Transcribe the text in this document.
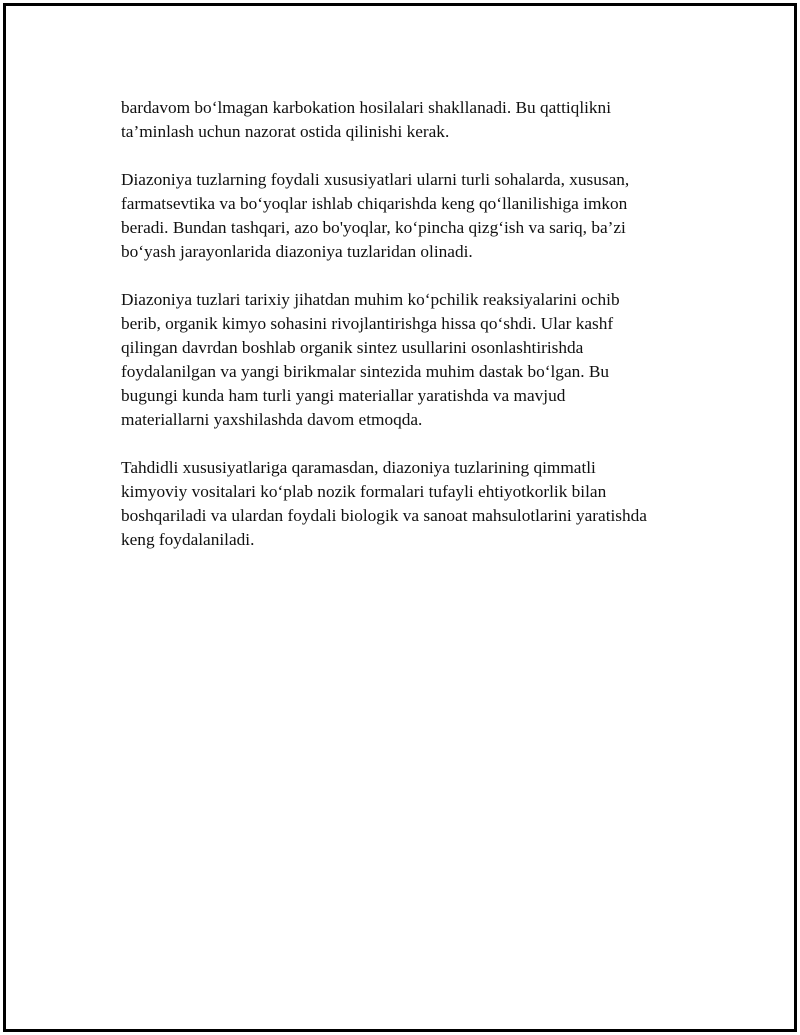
bardavom bo‘lmagan karbokation hosilalari shakllanadi. Bu qattiqlikni
ta’minlash uchun nazorat ostida qilinishi kerak.

Diazoniya tuzlarning foydali xususiyatlari ularni turli sohalarda, xususan,
farmatsevtika va bo‘yoqlar ishlab chiqarishda keng qo‘llanilishiga imkon
beradi. Bundan tashqari, azo bo'yoqlar, ko‘pincha qizg‘ish va sariq, ba’zi
bo‘yash jarayonlarida diazoniya tuzlaridan olinadi.

Diazoniya tuzlari tarixiy jihatdan muhim ko‘pchilik reaksiyalarini ochib
berib, organik kimyo sohasini rivojlantirishga hissa qo‘shdi. Ular kashf
qilingan davrdan boshlab organik sintez usullarini osonlashtirishda
foydalanilgan va yangi birikmalar sintezida muhim dastak bo‘lgan. Bu
bugungi kunda ham turli yangi materiallar yaratishda va mavjud
materiallarni yaxshilashda davom etmoqda.

Tahdidli xususiyatlariga qaramasdan, diazoniya tuzlarining qimmatli
kimyoviy vositalari ko‘plab nozik formalari tufayli ehtiyotkorlik bilan
boshqariladi va ulardan foydali biologik va sanoat mahsulotlarini yaratishda
keng foydalaniladi.
